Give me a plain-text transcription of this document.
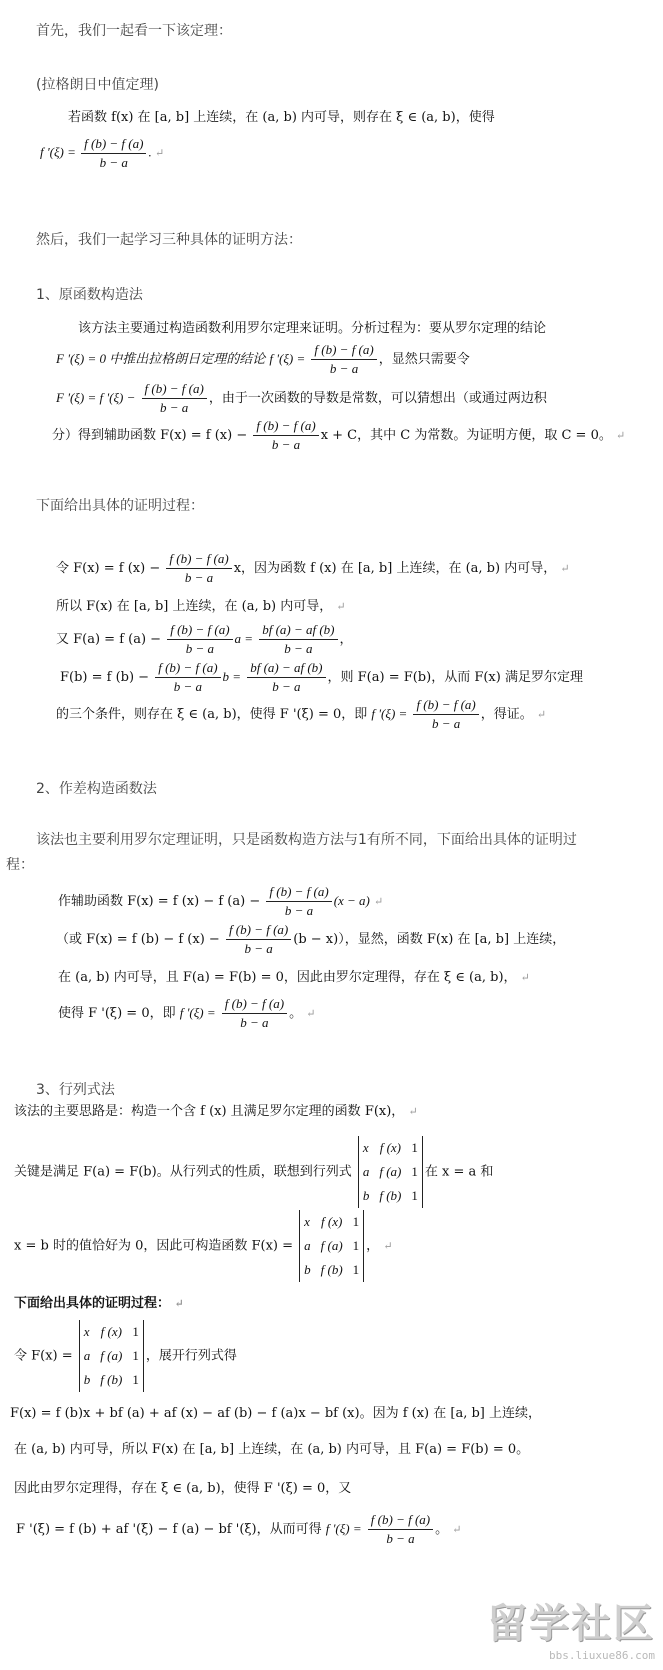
首先，我们一起看一下该定理：
(拉格朗日中值定理)
若函数 f(x) 在 [a, b] 上连续，在 (a, b) 内可导，则存在 ξ ∈ (a, b)，使得
f '$(\xi) = \frac{f (b) - f (a)}{b - a}$ . ↵
然后，我们一起学习三种具体的证明方法：
1、原函数构造法
该方法主要通过构造函数利用罗尔定理来证明。分析过程为：要从罗尔定理的结论
F '(ξ) = 0 中推出拉格朗日定理的结论 f '$(\xi) = \frac{f (b) - f (a)}{b - a}$ ，显然只需要令
F '(ξ) = f '$(\xi) - \frac{f (b) - f (a)}{b - a}$ ，由于一次函数的导数是常数，可以猜想出（或通过两边积
分）得到辅助函数 F(x) = f $(x) - \frac{f (b) - f (a)}{b - a}$ x + C，其中 C 为常数。为证明方便，取 C = 0。 ↵
下面给出具体的证明过程：
令 F(x) = f $(x) - \frac{f (b) - f (a)}{b - a}$ x，因为函数 f (x) 在 [a, b] 上连续，在 (a, b) 内可导， ↵
所以 F(x) 在 [a, b] 上连续，在 (a, b) 内可导， ↵
又 F(a) = f $(a) - \frac{f (b) - f (a)}{b - a}$ $a = \frac{bf (a) - af (b)}{b - a}$ ，
F(b) = f $(b) - \frac{f (b) - f (a)}{b - a}$ $b = \frac{bf (a) - af (b)}{b - a}$ ，则 F(a) = F(b)，从而 F(x) 满足罗尔定理
的三个条件，则存在 ξ ∈ (a, b)，使得 F '(ξ) = 0，即 f '$(\xi) = \frac{f (b) - f (a)}{b - a}$ ，得证。 ↵
2、作差构造函数法
该法也主要利用罗尔定理证明，只是函数构造方法与1有所不同，下面给出具体的证明过
程：
作辅助函数 F(x) = f (x) − f $(a) - \frac{f (b) - f (a)}{b - a} (x - a)$ ↵
（或 F(x) = f (b) − f $(x) - \frac{f (b) - f (a)}{b - a} (b - x)$），显然，函数 F(x) 在 [a, b] 上连续，
在 (a, b) 内可导，且 F(a) = F(b) = 0，因此由罗尔定理得，存在 ξ ∈ (a, b)， ↵
使得 F '(ξ) = 0，即 f '$(\xi) = \frac{f (b) - f (a)}{b - a}$ 。 ↵
3、行列式法
该法的主要思路是：构造一个含 f (x) 且满足罗尔定理的函数 F(x)， ↵
关键是满足 F(a) = F(b)。从行列式的性质，联想到行列式
x	f (x)	1
a	f (a)	1
b	f (b)	1
在 x = a 和
x = b 时的值恰好为 0，因此可构造函数 F(x) =
x	f (x)	1
a	f (a)	1
b	f (b)	1
， ↵
下面给出具体的证明过程： ↵
令 F(x) =
x	f (x)	1
a	f (a)	1
b	f (b)	1
，展开行列式得
F(x) = f (b)x + bf (a) + af (x) − af (b) − f (a)x − bf (x)。因为 f (x) 在 [a, b] 上连续，
在 (a, b) 内可导，所以 F(x) 在 [a, b] 上连续，在 (a, b) 内可导，且 F(a) = F(b) = 0。
因此由罗尔定理得，存在 ξ ∈ (a, b)，使得 F '(ξ) = 0，又
F '(ξ) = f (b) + af '(ξ) − f (a) − bf '(ξ)，从而可得 f '$(\xi) = \frac{f (b) - f (a)}{b - a}$ 。 ↵
留学社区
bbs.liuxue86.com
